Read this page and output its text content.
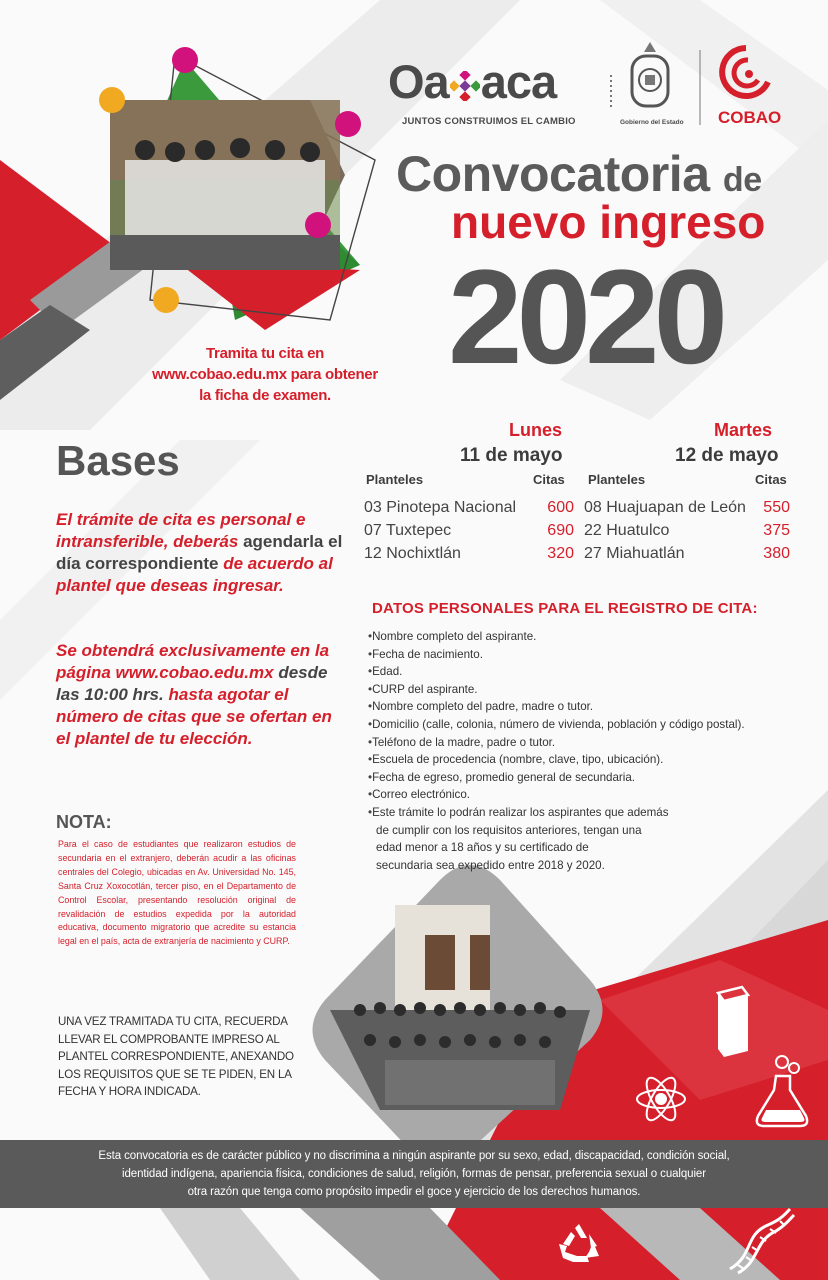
Oa aca
JUNTOS CONSTRUIMOS EL CAMBIO	Gobierno del Estado COBAO
Convocatoria de
nuevo ingreso
2020
Tramita tu cita en
www.cobao.edu.mx para obtener
la ficha de examen.
Lunes
11 de mayo
Planteles	Citas
03 Pinotepa Nacional 600
07 Tuxtepec	690
12 Nochixtlán	320
Martes
12 de mayo
Planteles	Citas
08 Huajuapan de León 550
22 Huatulco	375
27 Miahuatlán	380
Bases
El trámite de cita es personal e intransferible, deberás agendarla el día correspondiente de acuerdo al plantel que deseas ingresar.
Se obtendrá exclusivamente en la página www.cobao.edu.mx desde las 10:00 hrs. hasta agotar el número de citas que se ofertan en el plantel de tu elección.
DATOS PERSONALES PARA EL REGISTRO DE CITA:
•Nombre completo del aspirante.
•Fecha de nacimiento.
•Edad.
•CURP del aspirante.
•Nombre completo del padre, madre o tutor.
•Domicilio (calle, colonia, número de vivienda, población y código postal).
•Teléfono de la madre, padre o tutor.
•Escuela de procedencia (nombre, clave, tipo, ubicación).
•Fecha de egreso, promedio general de secundaria.
•Correo electrónico.
•Este trámite lo podrán realizar los aspirantes que además
de cumplir con los requisitos anteriores, tengan una
edad menor a 18 años y su certificado de
secundaria sea expedido entre 2018 y 2020.
NOTA:
Para el caso de estudiantes que realizaron estudios de secundaria en el extranjero, deberán acudir a las oficinas centrales del Colegio, ubicadas en Av. Universidad No. 145, Santa Cruz Xoxocotlán, tercer piso, en el Departamento de Control Escolar, presentando resolución original de revalidación de estudios expedida por la autoridad educativa, documento migratorio que acredite su estancia legal en el país, acta de extranjería de nacimiento y CURP.
UNA VEZ TRAMITADA TU CITA, RECUERDA LLEVAR EL COMPROBANTE IMPRESO AL PLANTEL CORRESPONDIENTE, ANEXANDO LOS REQUISITOS QUE SE TE PIDEN, EN LA FECHA Y HORA INDICADA.
Esta convocatoria es de carácter público y no discrimina a ningún aspirante por su sexo, edad, discapacidad, condición social,
identidad indígena, apariencia física, condiciones de salud, religión, formas de pensar, preferencia sexual o cualquier
otra razón que tenga como propósito impedir el goce y ejercicio de los derechos humanos.
